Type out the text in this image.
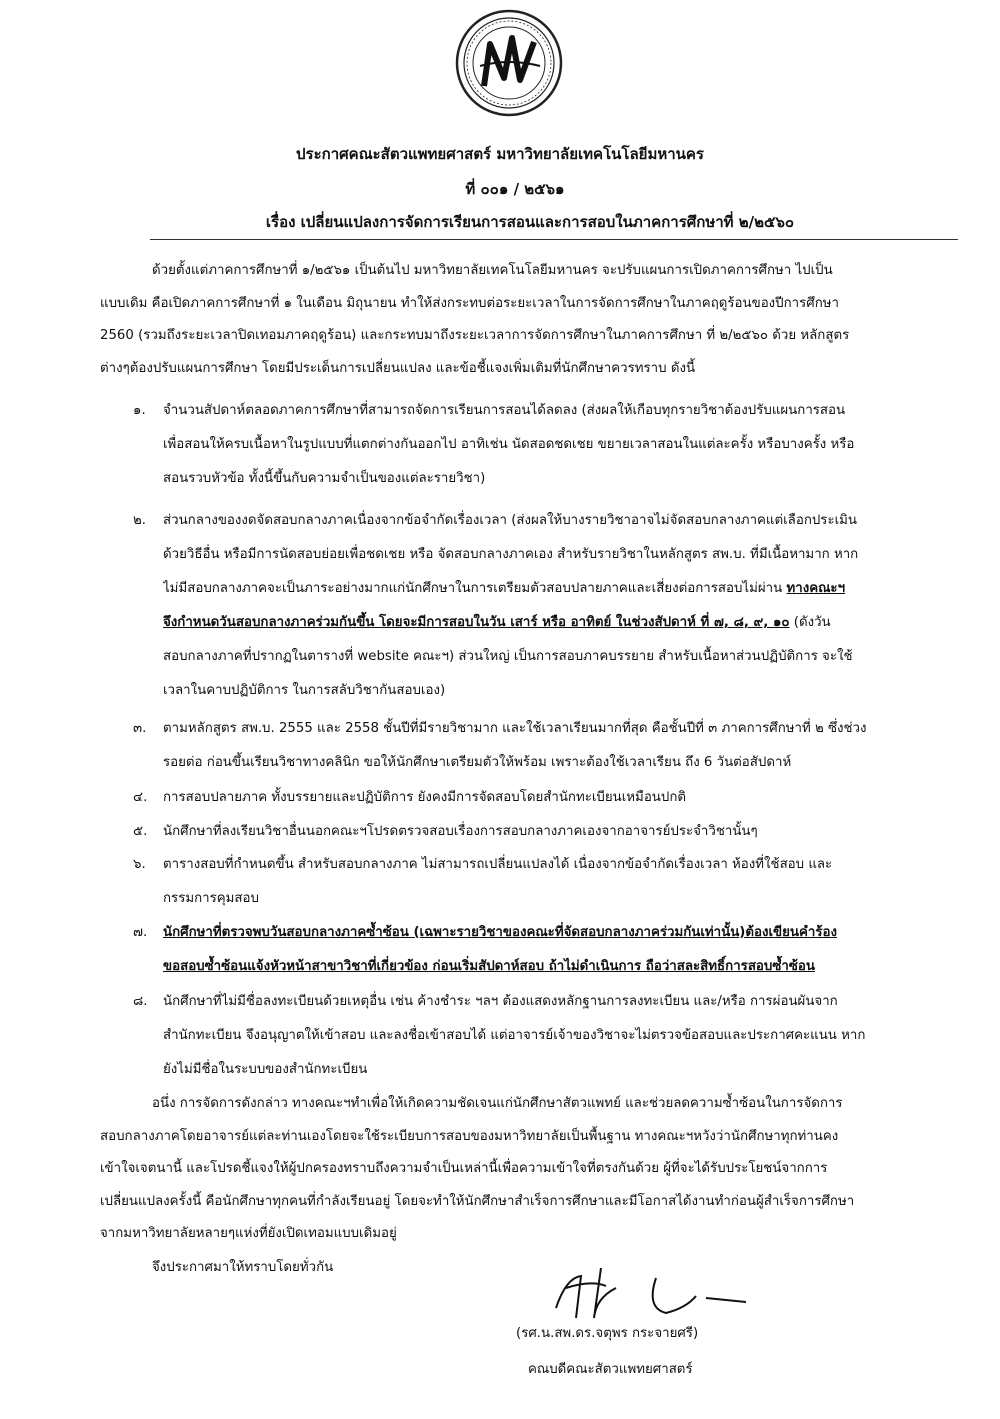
ประกาศคณะสัตวแพทยศาสตร์ มหาวิทยาลัยเทคโนโลยีมหานคร
ที่ ๐๐๑ / ๒๕๖๑
เรื่อง เปลี่ยนแปลงการจัดการเรียนการสอนและการสอบในภาคการศึกษาที่ ๒/๒๕๖๐
ด้วยตั้งแต่ภาคการศึกษาที่ ๑/๒๕๖๑ เป็นต้นไป มหาวิทยาลัยเทคโนโลยีมหานคร จะปรับแผนการเปิดภาคการศึกษา ไปเป็น
แบบเดิม คือเปิดภาคการศึกษาที่ ๑ ในเดือน มิถุนายน ทำให้ส่งกระทบต่อระยะเวลาในการจัดการศึกษาในภาคฤดูร้อนของปีการศึกษา
2560 (รวมถึงระยะเวลาปิดเทอมภาคฤดูร้อน) และกระทบมาถึงระยะเวลาการจัดการศึกษาในภาคการศึกษา ที่ ๒/๒๕๖๐ ด้วย หลักสูตร
ต่างๆต้องปรับแผนการศึกษา โดยมีประเด็นการเปลี่ยนแปลง และข้อชี้แจงเพิ่มเติมที่นักศึกษาควรทราบ ดังนี้
๑.	จำนวนสัปดาห์ตลอดภาคการศึกษาที่สามารถจัดการเรียนการสอนได้ลดลง (ส่งผลให้เกือบทุกรายวิชาต้องปรับแผนการสอน
เพื่อสอนให้ครบเนื้อหาในรูปแบบที่แตกต่างกันออกไป อาทิเช่น นัดสอดชดเชย ขยายเวลาสอนในแต่ละครั้ง หรือบางครั้ง หรือ
สอนรวบหัวข้อ ทั้งนี้ขึ้นกับความจำเป็นของแต่ละรายวิชา)
๒.	ส่วนกลางของงดจัดสอบกลางภาคเนื่องจากข้อจำกัดเรื่องเวลา (ส่งผลให้บางรายวิชาอาจไม่จัดสอบกลางภาคแต่เลือกประเมิน
ด้วยวิธีอื่น หรือมีการนัดสอบย่อยเพื่อชดเชย หรือ จัดสอบกลางภาคเอง สำหรับรายวิชาในหลักสูตร สพ.บ. ที่มีเนื้อหามาก หาก
ไม่มีสอบกลางภาคจะเป็นภาระอย่างมากแก่นักศึกษาในการเตรียมตัวสอบปลายภาคและเสี่ยงต่อการสอบไม่ผ่าน ทางคณะฯ
จึงกำหนดวันสอบกลางภาคร่วมกันขึ้น โดยจะมีการสอบในวัน เสาร์ หรือ อาทิตย์ ในช่วงสัปดาห์ ที่ ๗, ๘, ๙, ๑๐ (ดังวัน
สอบกลางภาคที่ปรากฏในตารางที่ website คณะฯ) ส่วนใหญ่ เป็นการสอบภาคบรรยาย สำหรับเนื้อหาส่วนปฏิบัติการ จะใช้
เวลาในคาบปฏิบัติการ ในการสลับวิชากันสอบเอง)
๓.	ตามหลักสูตร สพ.บ. 2555 และ 2558 ชั้นปีที่มีรายวิชามาก และใช้เวลาเรียนมากที่สุด คือชั้นปีที่ ๓ ภาคการศึกษาที่ ๒ ซึ่งช่วง
รอยต่อ ก่อนขึ้นเรียนวิชาทางคลินิก ขอให้นักศึกษาเตรียมตัวให้พร้อม เพราะต้องใช้เวลาเรียน ถึง 6 วันต่อสัปดาห์
๔.	การสอบปลายภาค ทั้งบรรยายและปฏิบัติการ ยังคงมีการจัดสอบโดยสำนักทะเบียนเหมือนปกติ
๕.	นักศึกษาที่ลงเรียนวิชาอื่นนอกคณะฯโปรดตรวจสอบเรื่องการสอบกลางภาคเองจากอาจารย์ประจำวิชานั้นๆ
๖.	ตารางสอบที่กำหนดขึ้น สำหรับสอบกลางภาค ไม่สามารถเปลี่ยนแปลงได้ เนื่องจากข้อจำกัดเรื่องเวลา ห้องที่ใช้สอบ และ
กรรมการคุมสอบ
๗.	นักศึกษาที่ตรวจพบวันสอบกลางภาคซ้ำซ้อน (เฉพาะรายวิชาของคณะที่จัดสอบกลางภาคร่วมกันเท่านั้น)ต้องเขียนคำร้อง
ขอสอบซ้ำซ้อนแจ้งหัวหน้าสาขาวิชาที่เกี่ยวข้อง ก่อนเริ่มสัปดาห์สอบ ถ้าไม่ดำเนินการ ถือว่าสละสิทธิ์การสอบซ้ำซ้อน
๘.	นักศึกษาที่ไม่มีชื่อลงทะเบียนด้วยเหตุอื่น เช่น ค้างชำระ ฯลฯ ต้องแสดงหลักฐานการลงทะเบียน และ/หรือ การผ่อนผันจาก
สำนักทะเบียน จึงอนุญาตให้เข้าสอบ และลงชื่อเข้าสอบได้ แต่อาจารย์เจ้าของวิชาจะไม่ตรวจข้อสอบและประกาศคะแนน หาก
ยังไม่มีชื่อในระบบของสำนักทะเบียน
อนึ่ง การจัดการดังกล่าว ทางคณะฯทำเพื่อให้เกิดความชัดเจนแก่นักศึกษาสัตวแพทย์ และช่วยลดความซ้ำซ้อนในการจัดการ
สอบกลางภาคโดยอาจารย์แต่ละท่านเองโดยจะใช้ระเบียบการสอบของมหาวิทยาลัยเป็นพื้นฐาน ทางคณะฯหวังว่านักศึกษาทุกท่านคง
เข้าใจเจตนานี้ และโปรดชี้แจงให้ผู้ปกครองทราบถึงความจำเป็นเหล่านี้เพื่อความเข้าใจที่ตรงกันด้วย ผู้ที่จะได้รับประโยชน์จากการ
เปลี่ยนแปลงครั้งนี้ คือนักศึกษาทุกคนที่กำลังเรียนอยู่ โดยจะทำให้นักศึกษาสำเร็จการศึกษาและมีโอกาสได้งานทำก่อนผู้สำเร็จการศึกษา
จากมหาวิทยาลัยหลายๆแห่งที่ยังเปิดเทอมแบบเดิมอยู่
จึงประกาศมาให้ทราบโดยทั่วกัน
(รศ.น.สพ.ดร.จตุพร กระจายศรี)
คณบดีคณะสัตวแพทยศาสตร์
